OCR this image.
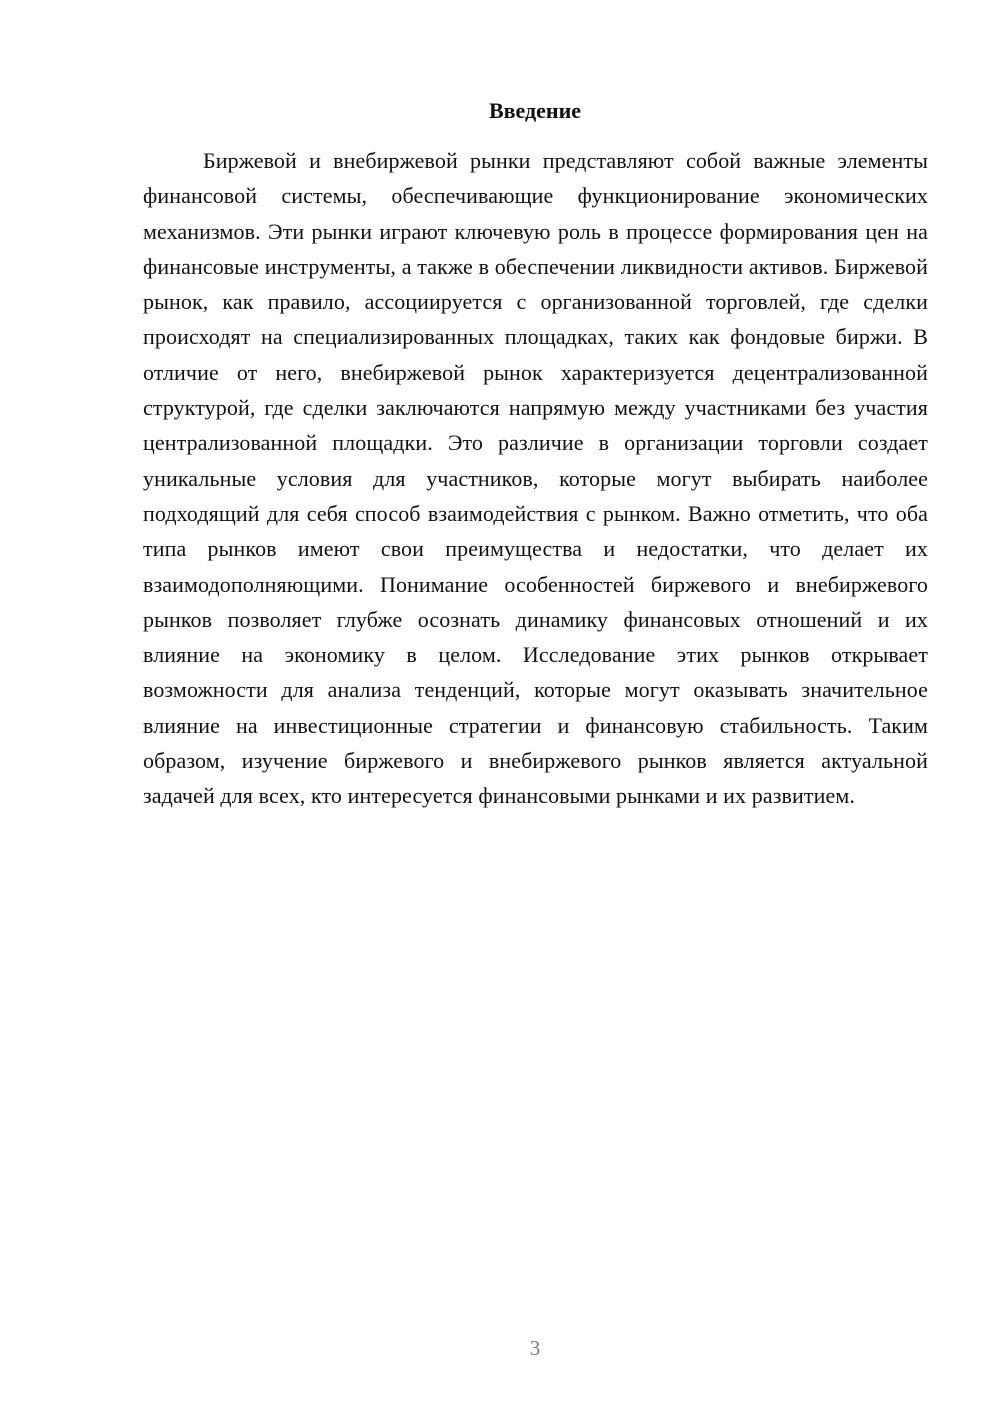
Введение

Биржевой и внебиржевой рынки представляют собой важные элементы финансовой системы, обеспечивающие функционирование экономических механизмов. Эти рынки играют ключевую роль в процессе формирования цен на финансовые инструменты, а также в обеспечении ликвидности активов. Биржевой рынок, как правило, ассоциируется с организованной торговлей, где сделки происходят на специализированных площадках, таких как фондовые биржи. В отличие от него, внебиржевой рынок характеризуется децентрализованной структурой, где сделки заключаются напрямую между участниками без участия централизованной площадки. Это различие в организации торговли создает уникальные условия для участников, которые могут выбирать наиболее подходящий для себя способ взаимодействия с рынком. Важно отметить, что оба типа рынков имеют свои преимущества и недостатки, что делает их взаимодополняющими. Понимание особенностей биржевого и внебиржевого рынков позволяет глубже осознать динамику финансовых отношений и их влияние на экономику в целом. Исследование этих рынков открывает возможности для анализа тенденций, которые могут оказывать значительное влияние на инвестиционные стратегии и финансовую стабильность. Таким образом, изучение биржевого и внебиржевого рынков является актуальной задачей для всех, кто интересуется финансовыми рынками и их развитием.

3
